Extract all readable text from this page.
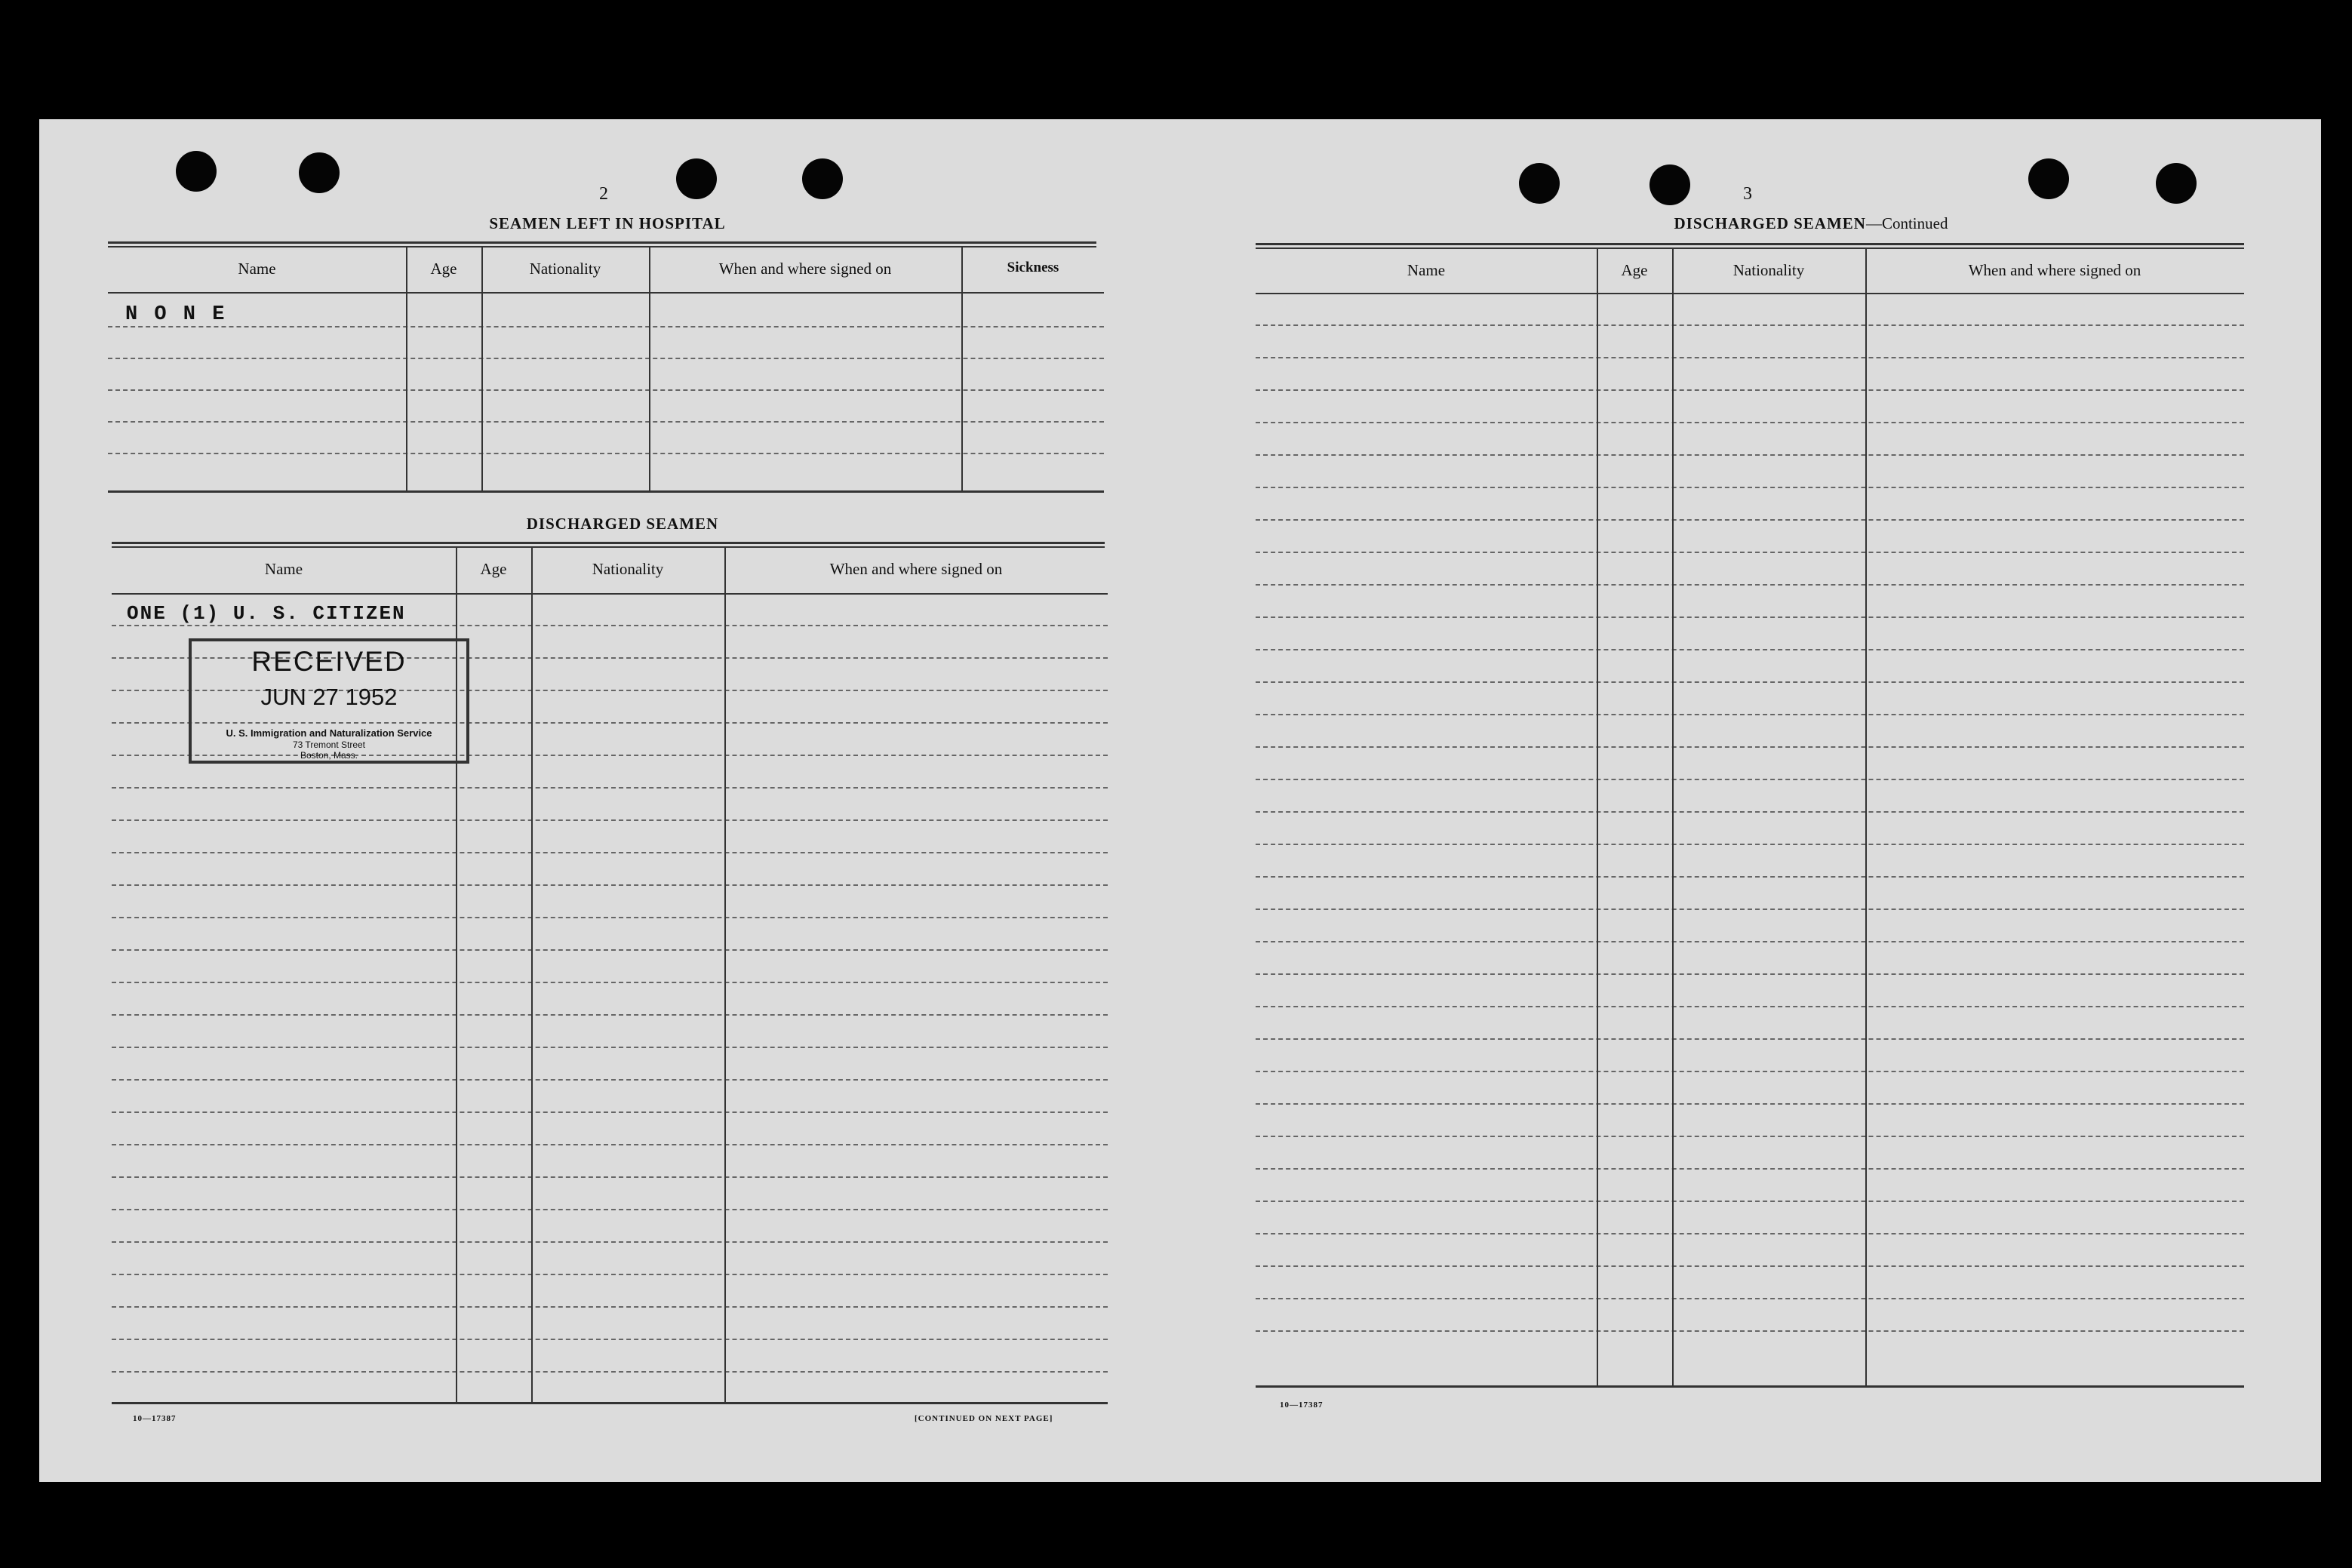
2
SEAMEN LEFT IN HOSPITAL
Name	Age	Nationality	When and where signed on	Sickness
N O N E
DISCHARGED SEAMEN
Name	Age	Nationality	When and where signed on
ONE (1) U. S. CITIZEN
RECEIVED
JUN 27 1952
U. S. Immigration and Naturalization Service
73 Tremont Street
Boston, Mass.
10—17387	[CONTINUED ON NEXT PAGE]
3
DISCHARGED SEAMEN—Continued
Name	Age	Nationality	When and where signed on
10—17387
